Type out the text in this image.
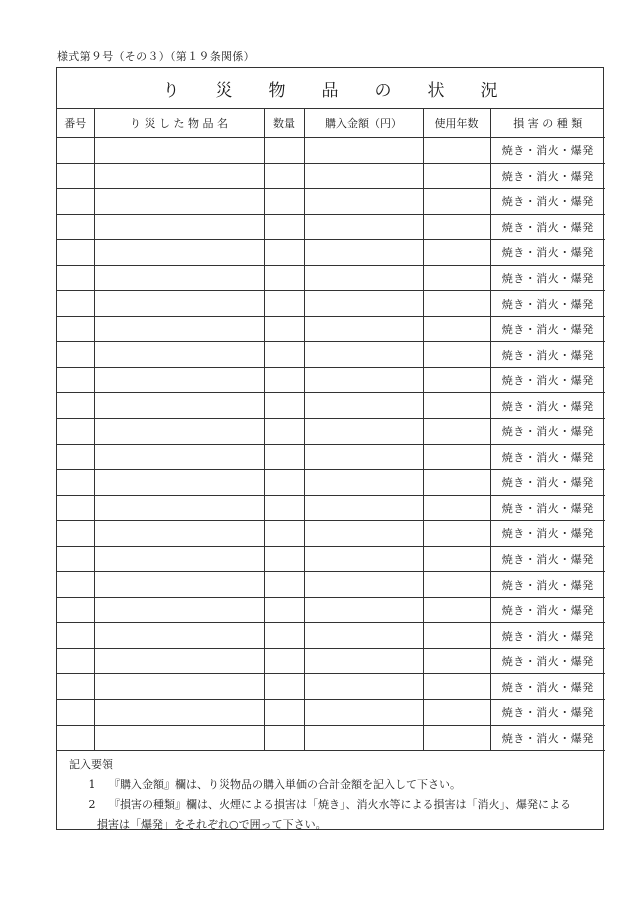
様式第９号（その３）（第１９条関係）
り災物品の状況
番号	り 災 し た 物 品 名	数量	購入金額（円）	使用年数	損 害 の 種 類
					焼き・消火・爆発
					焼き・消火・爆発
					焼き・消火・爆発
					焼き・消火・爆発
					焼き・消火・爆発
					焼き・消火・爆発
					焼き・消火・爆発
					焼き・消火・爆発
					焼き・消火・爆発
					焼き・消火・爆発
					焼き・消火・爆発
					焼き・消火・爆発
					焼き・消火・爆発
					焼き・消火・爆発
					焼き・消火・爆発
					焼き・消火・爆発
					焼き・消火・爆発
					焼き・消火・爆発
					焼き・消火・爆発
					焼き・消火・爆発
					焼き・消火・爆発
					焼き・消火・爆発
					焼き・消火・爆発
					焼き・消火・爆発
記入要領
1	『購入金額』欄は、り災物品の購入単価の合計金額を記入して下さい。
2	『損害の種類』欄は、火煙による損害は「焼き」、消火水等による損害は「消火」、爆発による
損害は「爆発」をそれぞれ○で囲って下さい。
